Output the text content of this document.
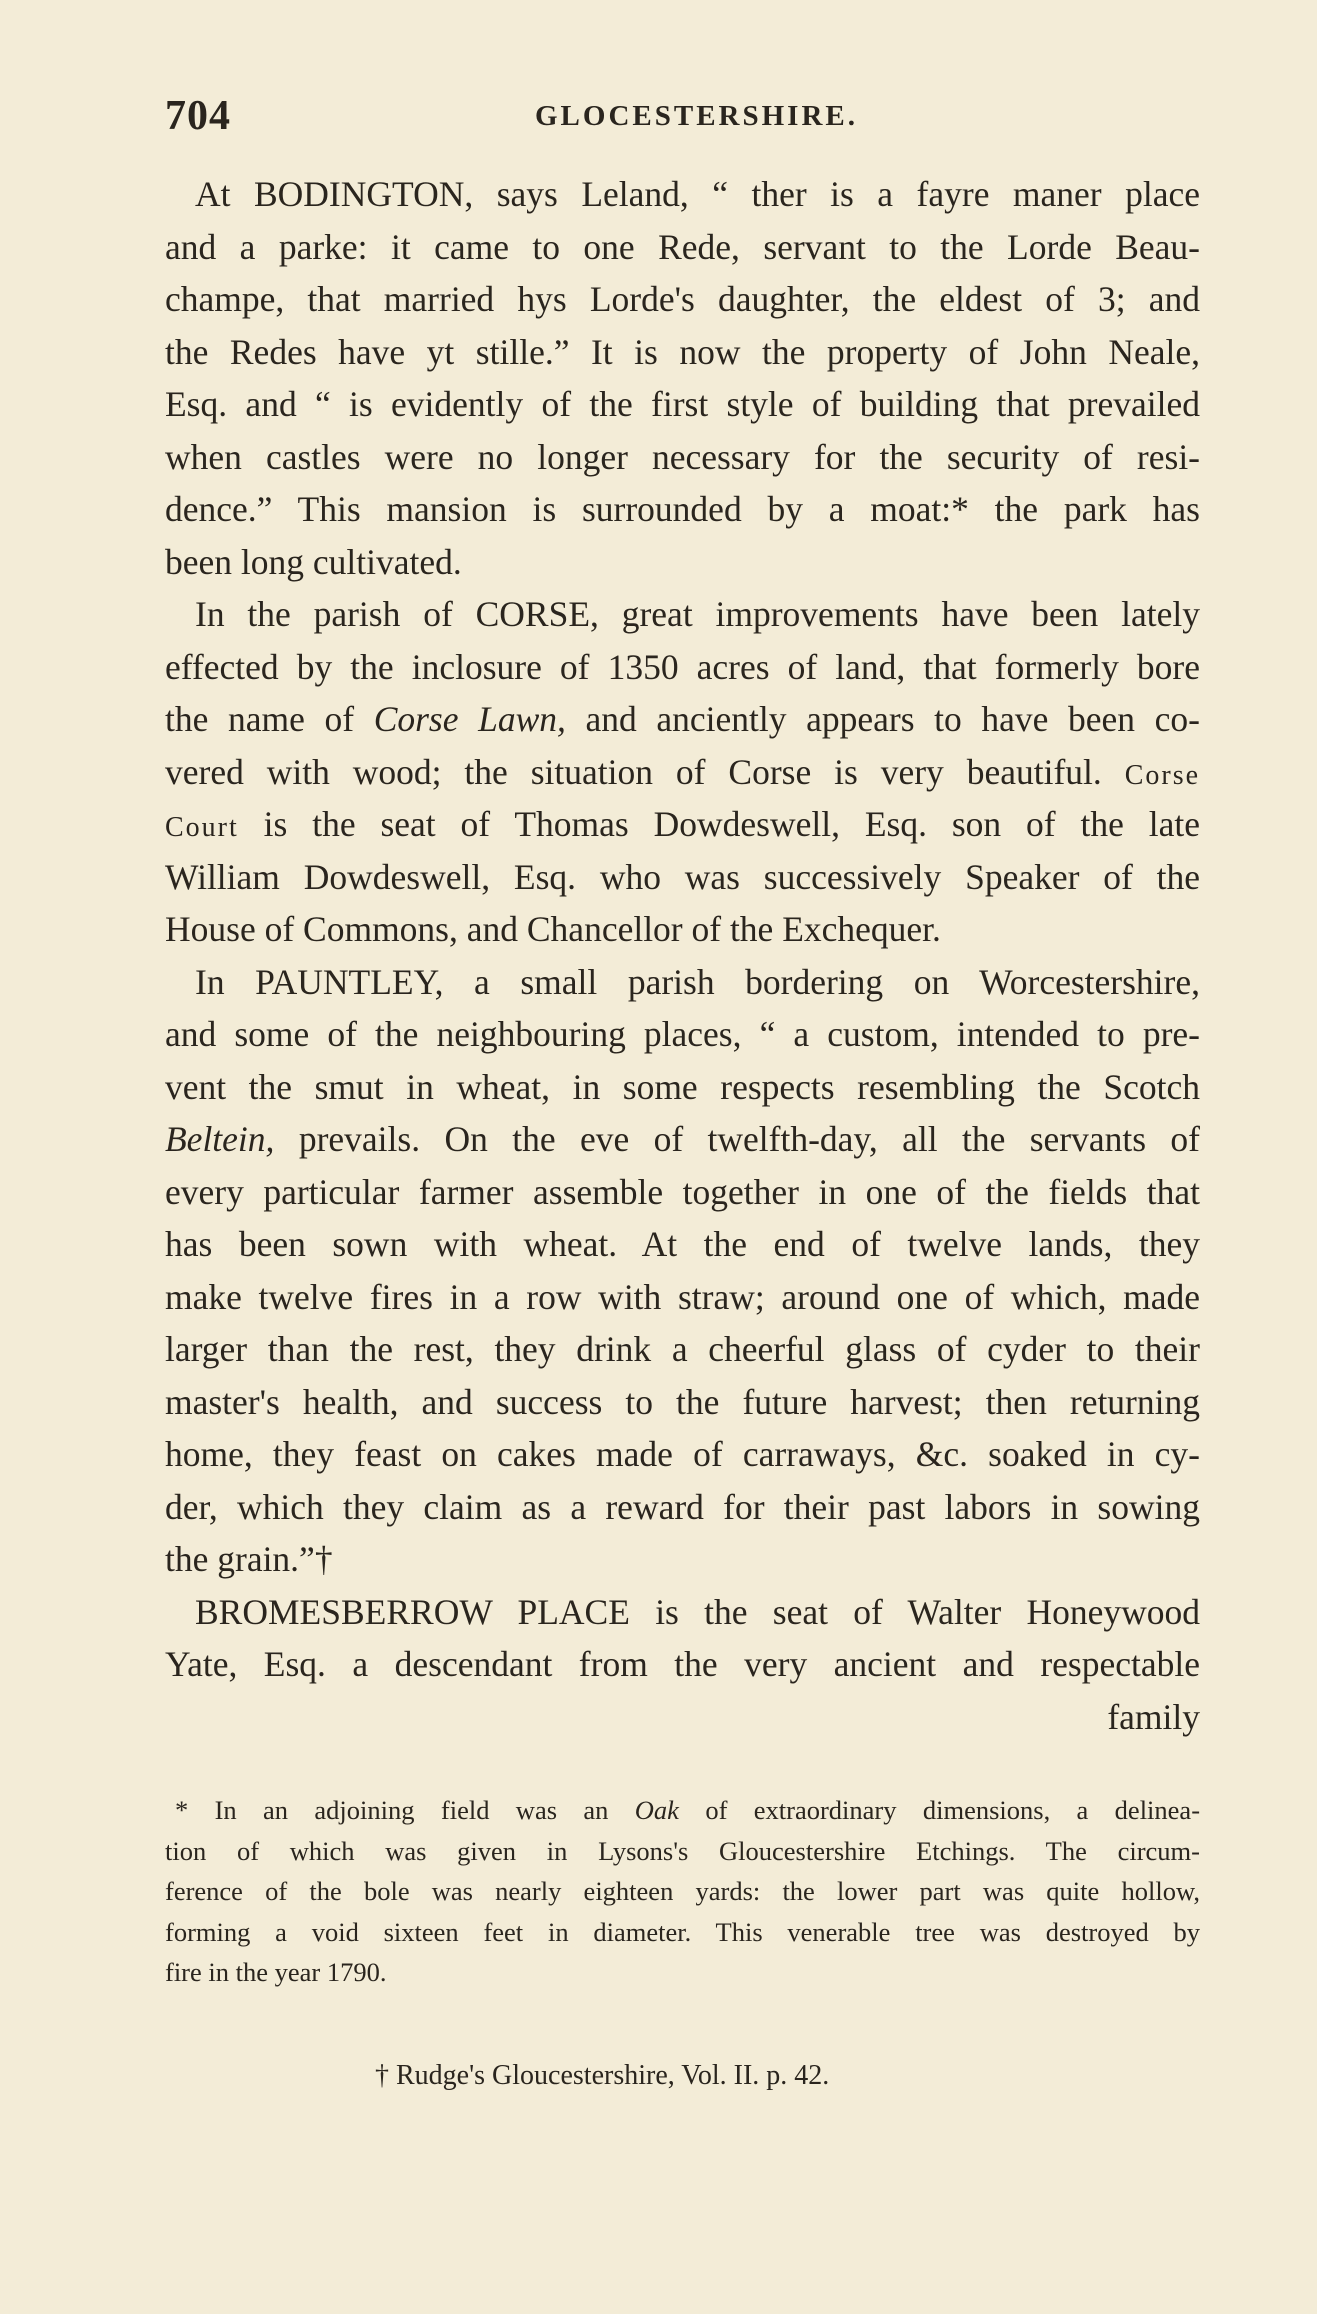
704	GLOCESTERSHIRE.
At BODINGTON, says Leland, “ ther is a fayre maner place
and a parke: it came to one Rede, servant to the Lorde Beau-
champe, that married hys Lorde's daughter, the eldest of 3; and
the Redes have yt stille.” It is now the property of John Neale,
Esq. and “ is evidently of the first style of building that prevailed
when castles were no longer necessary for the security of resi-
dence.” This mansion is surrounded by a moat:* the park has
been long cultivated.
In the parish of CORSE, great improvements have been lately
effected by the inclosure of 1350 acres of land, that formerly bore
the name of Corse Lawn, and anciently appears to have been co-
vered with wood; the situation of Corse is very beautiful. Corse
Court is the seat of Thomas Dowdeswell, Esq. son of the late
William Dowdeswell, Esq. who was successively Speaker of the
House of Commons, and Chancellor of the Exchequer.
In PAUNTLEY, a small parish bordering on Worcestershire,
and some of the neighbouring places, “ a custom, intended to pre-
vent the smut in wheat, in some respects resembling the Scotch
Beltein, prevails. On the eve of twelfth-day, all the servants of
every particular farmer assemble together in one of the fields that
has been sown with wheat. At the end of twelve lands, they
make twelve fires in a row with straw; around one of which, made
larger than the rest, they drink a cheerful glass of cyder to their
master's health, and success to the future harvest; then returning
home, they feast on cakes made of carraways, &c. soaked in cy-
der, which they claim as a reward for their past labors in sowing
the grain.”†
BROMESBERROW PLACE is the seat of Walter Honeywood
Yate, Esq. a descendant from the very ancient and respectable
family
* In an adjoining field was an Oak of extraordinary dimensions, a delinea-
tion of which was given in Lysons's Gloucestershire Etchings. The circum-
ference of the bole was nearly eighteen yards: the lower part was quite hollow,
forming a void sixteen feet in diameter. This venerable tree was destroyed by
fire in the year 1790.
† Rudge's Gloucestershire, Vol. II. p. 42.
